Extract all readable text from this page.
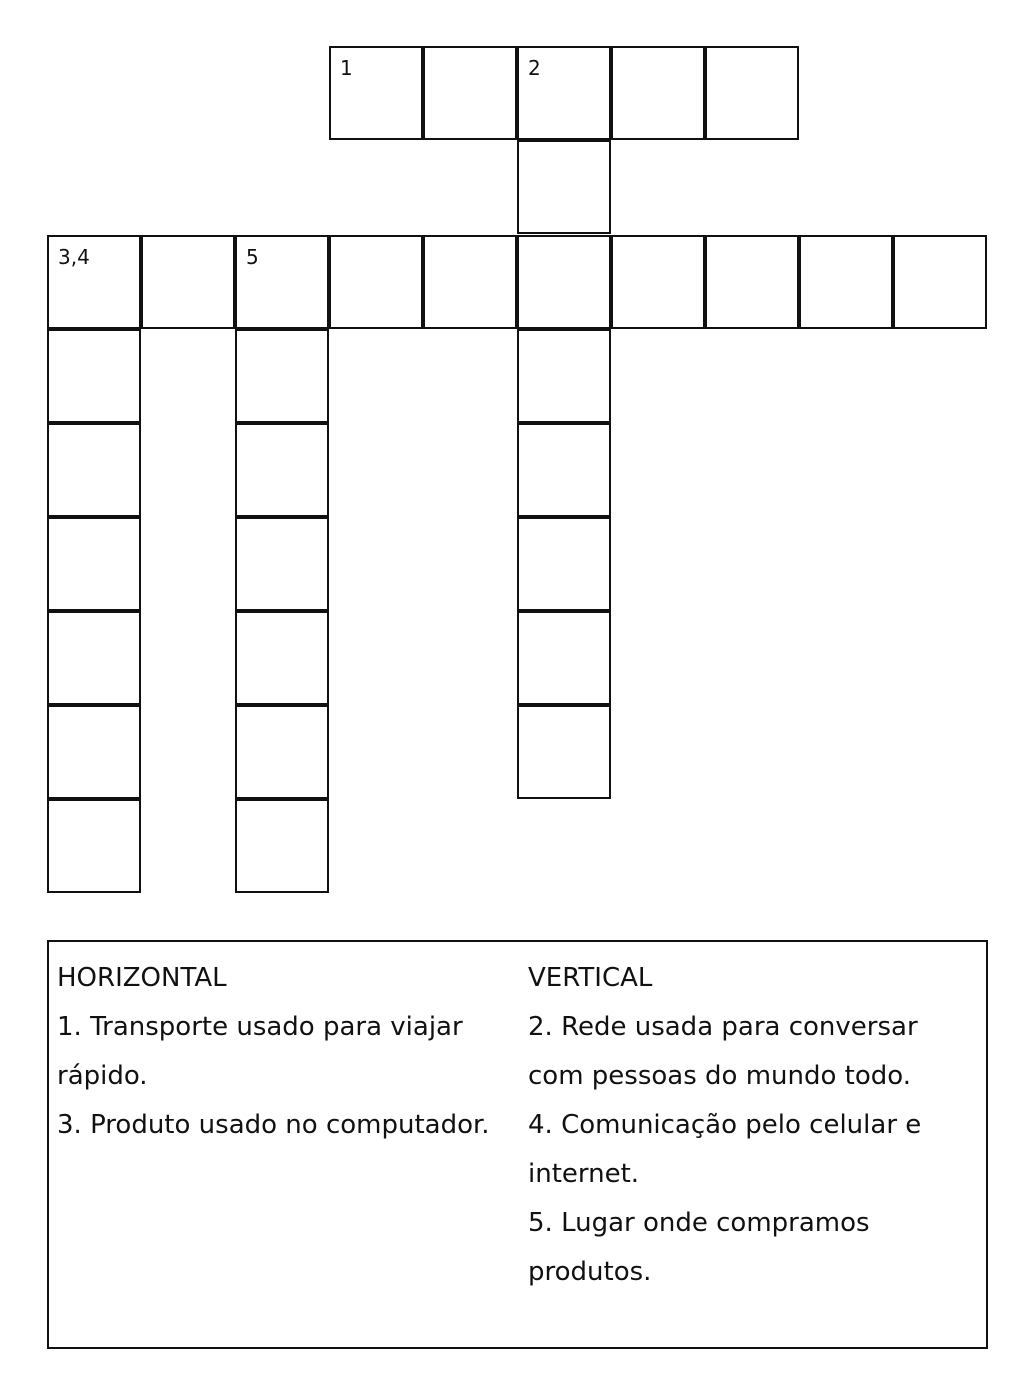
1	2
3,4	5
HORIZONTAL
1. Transporte usado para viajar rápido.
3. Produto usado no computador.
VERTICAL
2. Rede usada para conversar com pessoas do mundo todo.
4. Comunicação pelo celular e internet.
5. Lugar onde compramos produtos.
